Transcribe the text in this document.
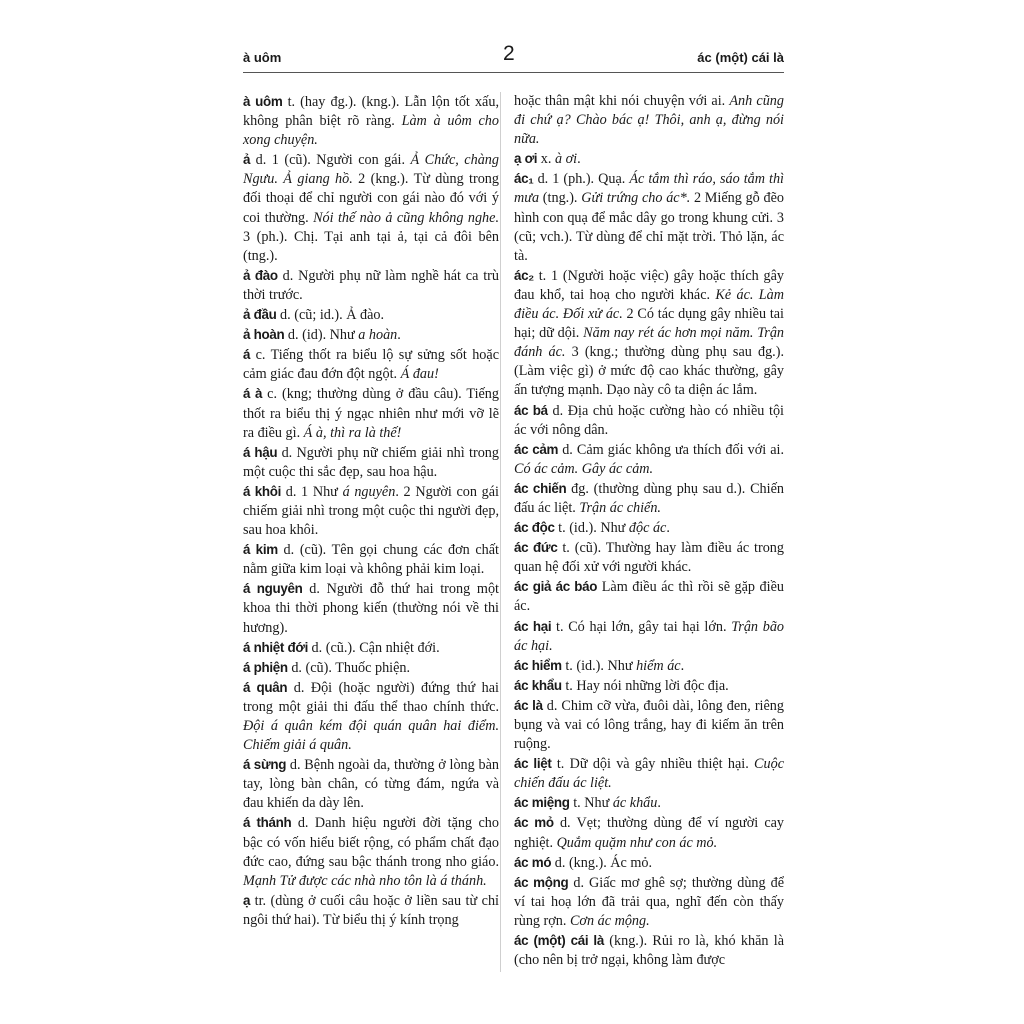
à uôm	2	ác (một) cái là

à uôm t. (hay đg.). (kng.). Lẫn lộn tốt xấu, không phân biệt rõ ràng. Làm à uôm cho xong chuyện.

ả d. 1 (cũ). Người con gái. Ả Chức, chàng Ngưu. Ả giang hồ. 2 (kng.). Từ dùng trong đối thoại để chỉ người con gái nào đó với ý coi thường. Nói thế nào ả cũng không nghe. 3 (ph.). Chị. Tại anh tại ả, tại cả đôi bên (tng.).

ả đào d. Người phụ nữ làm nghề hát ca trù thời trước.

ả đầu d. (cũ; id.). Ả đào.

ả hoàn d. (id). Như a hoàn.

á c. Tiếng thốt ra biểu lộ sự sửng sốt hoặc cảm giác đau đớn đột ngột. Á đau!

á à c. (kng; thường dùng ở đầu câu). Tiếng thốt ra biểu thị ý ngạc nhiên như mới vỡ lẽ ra điều gì. Á à, thì ra là thế!

á hậu d. Người phụ nữ chiếm giải nhì trong một cuộc thi sắc đẹp, sau hoa hậu.

á khôi d. 1 Như á nguyên. 2 Người con gái chiếm giải nhì trong một cuộc thi người đẹp, sau hoa khôi.

á kim d. (cũ). Tên gọi chung các đơn chất nằm giữa kim loại và không phải kim loại.

á nguyên d. Người đỗ thứ hai trong một khoa thi thời phong kiến (thường nói về thi hương).

á nhiệt đới d. (cũ.). Cận nhiệt đới.

á phiện d. (cũ). Thuốc phiện.

á quân d. Đội (hoặc người) đứng thứ hai trong một giải thi đấu thể thao chính thức. Đội á quân kém đội quán quân hai điểm. Chiếm giải á quân.

á sừng d. Bệnh ngoài da, thường ở lòng bàn tay, lòng bàn chân, có từng đám, ngứa và đau khiến da dày lên.

á thánh d. Danh hiệu người đời tặng cho bậc có vốn hiểu biết rộng, có phẩm chất đạo đức cao, đứng sau bậc thánh trong nho giáo. Mạnh Tử được các nhà nho tôn là á thánh.

ạ tr. (dùng ở cuối câu hoặc ở liền sau từ chỉ ngôi thứ hai). Từ biểu thị ý kính trọng

hoặc thân mật khi nói chuyện với ai. Anh cũng đi chứ ạ? Chào bác ạ! Thôi, anh ạ, đừng nói nữa.

ạ ơi x. à ơi.

ác₁ d. 1 (ph.). Quạ. Ác tắm thì ráo, sáo tắm thì mưa (tng.). Gửi trứng cho ác*. 2 Miếng gỗ đẽo hình con quạ để mắc dây go trong khung cửi. 3 (cũ; vch.). Từ dùng để chỉ mặt trời. Thỏ lặn, ác tà.

ác₂ t. 1 (Người hoặc việc) gây hoặc thích gây đau khổ, tai hoạ cho người khác. Kẻ ác. Làm điều ác. Đối xử ác. 2 Có tác dụng gây nhiều tai hại; dữ dội. Năm nay rét ác hơn mọi năm. Trận đánh ác. 3 (kng.; thường dùng phụ sau đg.). (Làm việc gì) ở mức độ cao khác thường, gây ấn tượng mạnh. Dạo này cô ta diện ác lắm.

ác bá d. Địa chủ hoặc cường hào có nhiều tội ác với nông dân.

ác cảm d. Cảm giác không ưa thích đối với ai. Có ác cảm. Gây ác cảm.

ác chiến đg. (thường dùng phụ sau d.). Chiến đấu ác liệt. Trận ác chiến.

ác độc t. (id.). Như độc ác.

ác đức t. (cũ). Thường hay làm điều ác trong quan hệ đối xử với người khác.

ác giả ác báo Làm điều ác thì rồi sẽ gặp điều ác.

ác hại t. Có hại lớn, gây tai hại lớn. Trận bão ác hại.

ác hiểm t. (id.). Như hiểm ác.

ác khẩu t. Hay nói những lời độc địa.

ác là d. Chim cỡ vừa, đuôi dài, lông đen, riêng bụng và vai có lông trắng, hay đi kiếm ăn trên ruộng.

ác liệt t. Dữ dội và gây nhiều thiệt hại. Cuộc chiến đấu ác liệt.

ác miệng t. Như ác khẩu.

ác mỏ d. Vẹt; thường dùng để ví người cay nghiệt. Quắm quặm như con ác mỏ.

ác mó d. (kng.). Ác mỏ.

ác mộng d. Giấc mơ ghê sợ; thường dùng để ví tai hoạ lớn đã trải qua, nghĩ đến còn thấy rùng rợn. Cơn ác mộng.

ác (một) cái là (kng.). Rủi ro là, khó khăn là (cho nên bị trở ngại, không làm được
